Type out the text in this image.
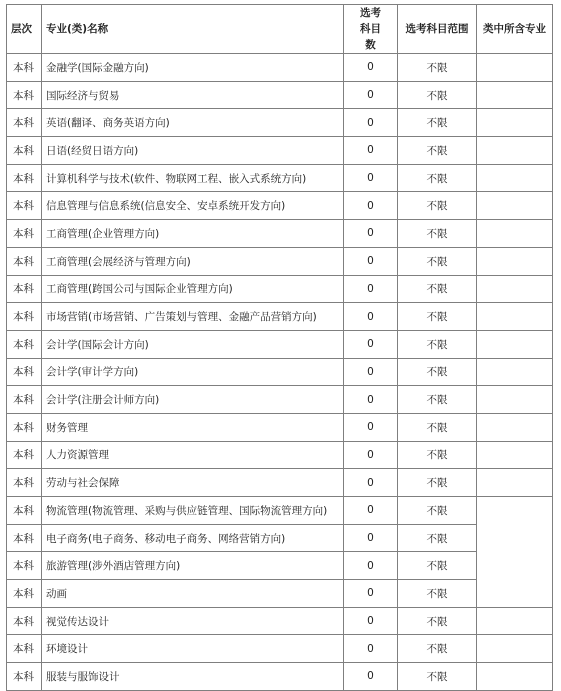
层次	专业(类)名称	选考科目数	选考科目范围	类中所含专业
本科	金融学(国际金融方向)	0	不限	
本科	国际经济与贸易	0	不限	
本科	英语(翻译、商务英语方向)	0	不限	
本科	日语(经贸日语方向)	0	不限	
本科	计算机科学与技术(软件、物联网工程、嵌入式系统方向)	0	不限	
本科	信息管理与信息系统(信息安全、安卓系统开发方向)	0	不限	
本科	工商管理(企业管理方向)	0	不限	
本科	工商管理(会展经济与管理方向)	0	不限	
本科	工商管理(跨国公司与国际企业管理方向)	0	不限	
本科	市场营销(市场营销、广告策划与管理、金融产品营销方向)	0	不限	
本科	会计学(国际会计方向)	0	不限	
本科	会计学(审计学方向)	0	不限	
本科	会计学(注册会计师方向)	0	不限	
本科	财务管理	0	不限	
本科	人力资源管理	0	不限	
本科	劳动与社会保障	0	不限	
本科	物流管理(物流管理、采购与供应链管理、国际物流管理方向)	0	不限	
本科	电子商务(电子商务、移动电子商务、网络营销方向)	0	不限	
本科	旅游管理(涉外酒店管理方向)	0	不限	
本科	动画	0	不限	
本科	视觉传达设计	0	不限	
本科	环境设计	0	不限	
本科	服装与服饰设计	0	不限	
